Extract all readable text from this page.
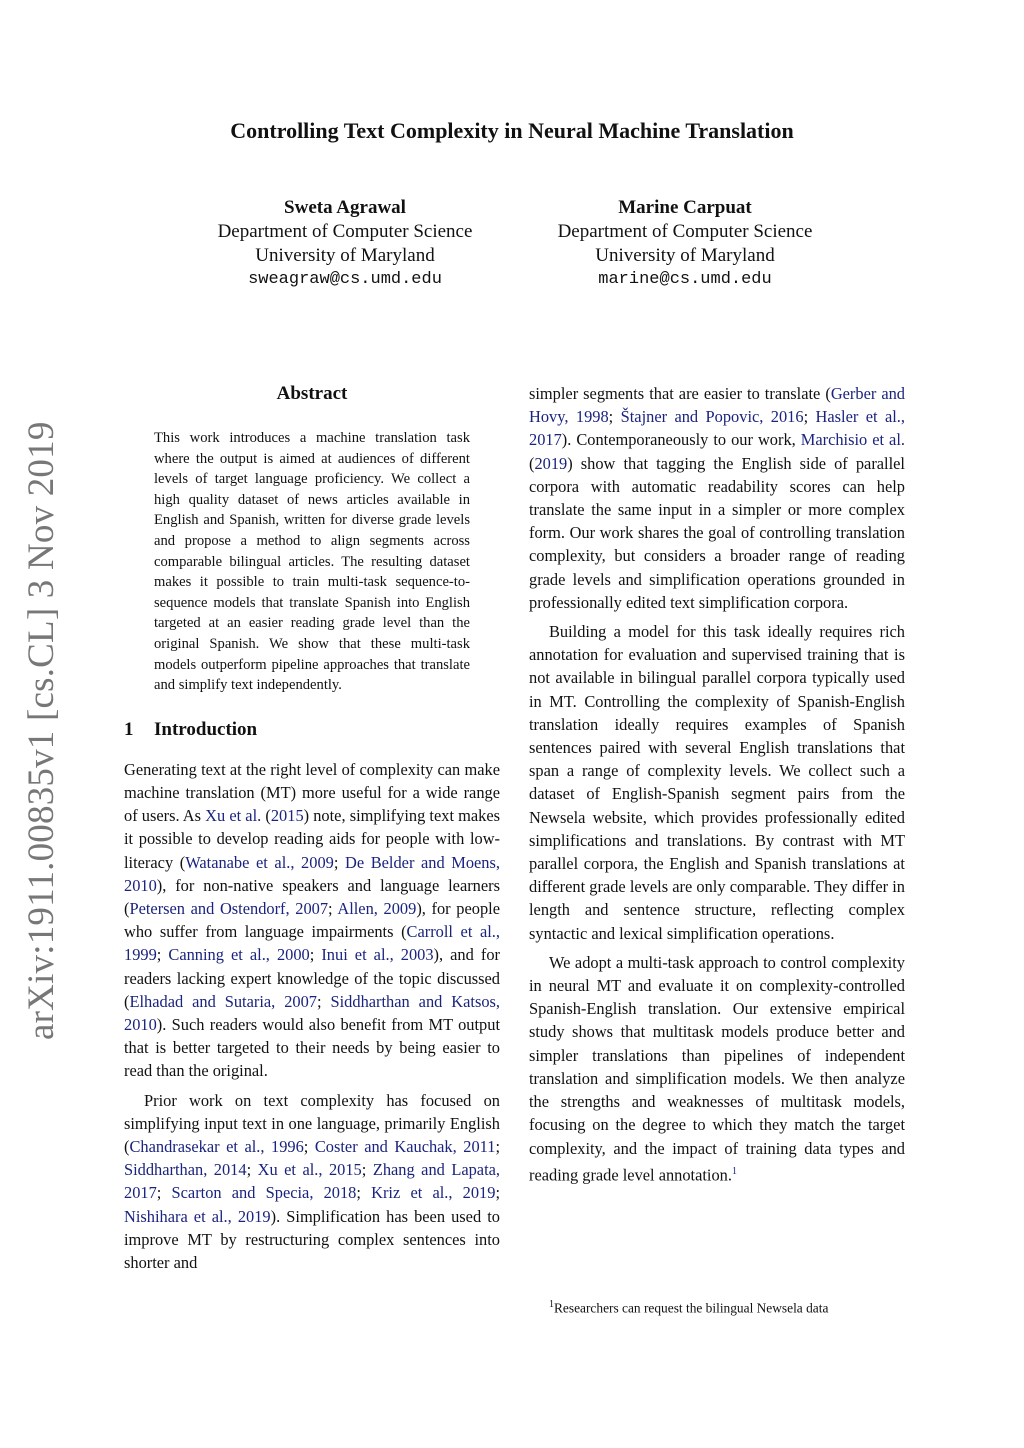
Controlling Text Complexity in Neural Machine Translation
Sweta Agrawal
Department of Computer Science
University of Maryland
sweagraw@cs.umd.edu
Marine Carpuat
Department of Computer Science
University of Maryland
marine@cs.umd.edu
arXiv:1911.00835v1 [cs.CL] 3 Nov 2019
Abstract
This work introduces a machine translation task where the output is aimed at audiences of different levels of target language proficiency. We collect a high quality dataset of news articles available in English and Spanish, written for diverse grade levels and propose a method to align segments across comparable bilingual articles. The resulting dataset makes it possible to train multi-task sequence-to-sequence models that translate Spanish into English targeted at an easier reading grade level than the original Spanish. We show that these multi-task models outperform pipeline approaches that translate and simplify text independently.
1 Introduction

Generating text at the right level of complexity can make machine translation (MT) more useful for a wide range of users. As Xu et al. (2015) note, simplifying text makes it possible to develop reading aids for people with low-literacy (Watanabe et al., 2009; De Belder and Moens, 2010), for non-native speakers and language learners (Petersen and Ostendorf, 2007; Allen, 2009), for people who suffer from language impairments (Carroll et al., 1999; Canning et al., 2000; Inui et al., 2003), and for readers lacking expert knowledge of the topic discussed (Elhadad and Sutaria, 2007; Siddharthan and Katsos, 2010). Such readers would also benefit from MT output that is better targeted to their needs by being easier to read than the original.

Prior work on text complexity has focused on simplifying input text in one language, primarily English (Chandrasekar et al., 1996; Coster and Kauchak, 2011; Siddharthan, 2014; Xu et al., 2015; Zhang and Lapata, 2017; Scarton and Specia, 2018; Kriz et al., 2019; Nishihara et al., 2019). Simplification has been used to improve MT by restructuring complex sentences into shorter and

simpler segments that are easier to translate (Gerber and Hovy, 1998; Štajner and Popovic, 2016; Hasler et al., 2017). Contemporaneously to our work, Marchisio et al. (2019) show that tagging the English side of parallel corpora with automatic readability scores can help translate the same input in a simpler or more complex form. Our work shares the goal of controlling translation complexity, but considers a broader range of reading grade levels and simplification operations grounded in professionally edited text simplification corpora.

Building a model for this task ideally requires rich annotation for evaluation and supervised training that is not available in bilingual parallel corpora typically used in MT. Controlling the complexity of Spanish-English translation ideally requires examples of Spanish sentences paired with several English translations that span a range of complexity levels. We collect such a dataset of English-Spanish segment pairs from the Newsela website, which provides professionally edited simplifications and translations. By contrast with MT parallel corpora, the English and Spanish translations at different grade levels are only comparable. They differ in length and sentence structure, reflecting complex syntactic and lexical simplification operations.

We adopt a multi-task approach to control complexity in neural MT and evaluate it on complexity-controlled Spanish-English translation. Our extensive empirical study shows that multitask models produce better and simpler translations than pipelines of independent translation and simplification models. We then analyze the strengths and weaknesses of multitask models, focusing on the degree to which they match the target complexity, and the impact of training data types and reading grade level annotation.$^1$

$^1$Researchers can request the bilingual Newsela data
